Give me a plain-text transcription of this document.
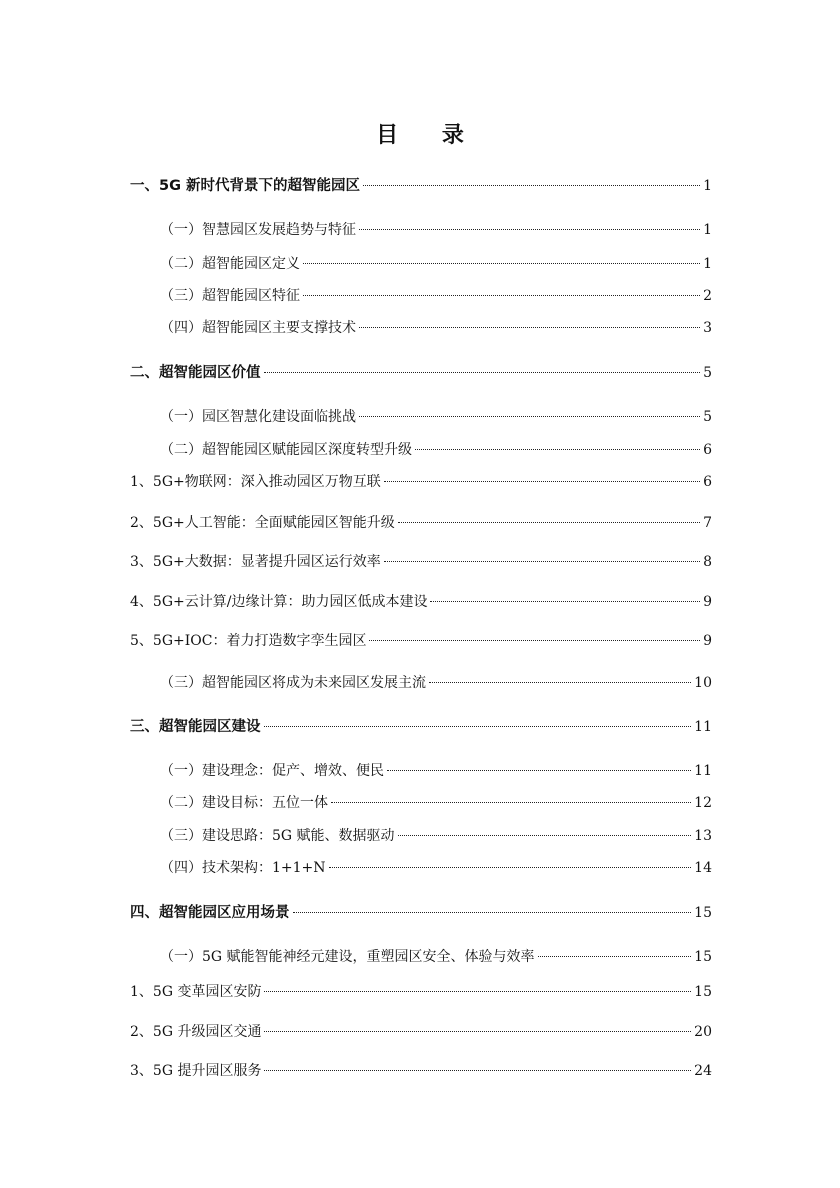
目 录
一、5G 新时代背景下的超智能园区	1
（一）智慧园区发展趋势与特征	1
（二）超智能园区定义	1
（三）超智能园区特征	2
（四）超智能园区主要支撑技术	3
二、超智能园区价值	5
（一）园区智慧化建设面临挑战	5
（二）超智能园区赋能园区深度转型升级	6
1、5G+物联网：深入推动园区万物互联	6
2、5G+人工智能：全面赋能园区智能升级	7
3、5G+大数据：显著提升园区运行效率	8
4、5G+云计算/边缘计算：助力园区低成本建设	9
5、5G+IOC：着力打造数字孪生园区	9
（三）超智能园区将成为未来园区发展主流	10
三、超智能园区建设	11
（一）建设理念：促产、增效、便民	11
（二）建设目标：五位一体	12
（三）建设思路：5G 赋能、数据驱动	13
（四）技术架构：1+1+N	14
四、超智能园区应用场景	15
（一）5G 赋能智能神经元建设，重塑园区安全、体验与效率	15
1、5G 变革园区安防	15
2、5G 升级园区交通	20
3、5G 提升园区服务	24
